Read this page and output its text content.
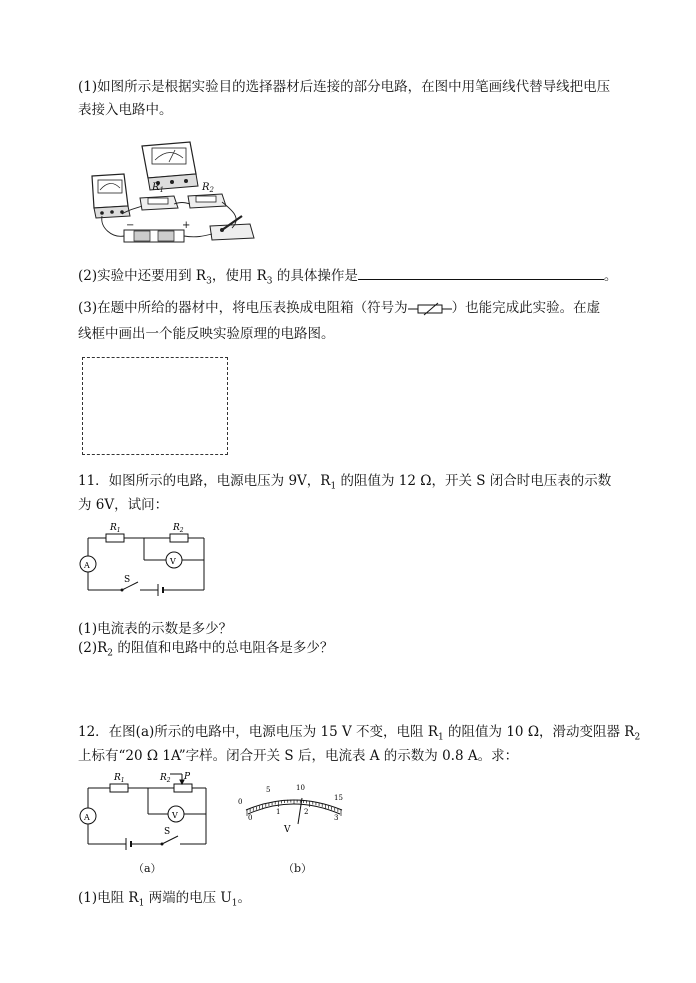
(1)如图所示是根据实验目的选择器材后连接的部分电路，在图中用笔画线代替导线把电压
表接入电路中。
$R_1$	$R_2$
−	+
(2)实验中还要用到 $R_3$，使用 $R_3$ 的具体操作是	。
(3)在题中所给的器材中，将电压表换成电阻箱（符号为	）也能完成此实验。在虚
线框中画出一个能反映实验原理的电路图。
11．如图所示的电路，电源电压为 9V，$R_1$ 的阻值为 12 Ω，开关 S 闭合时电压表的示数
为 6V，试问：
$R_1$	$R_2$
V
A
S
(1)电流表的示数是多少？
$(2)R_2$ 的阻值和电路中的总电阻各是多少？
12．在图(a)所示的电路中，电源电压为 15 V 不变，电阻 $R_1$ 的阻值为 10 Ω，滑动变阻器 $R_2$
上标有“20 Ω 1A”字样。闭合开关 S 后，电流表 A 的示数为 0.8 A。求：
$R_1$	$R_2$ P
V
A
S
（a）
0
5	10
15
0
1	2
3
V
（b）
(1)电阻 $R_1$ 两端的电压 $U_1$。
